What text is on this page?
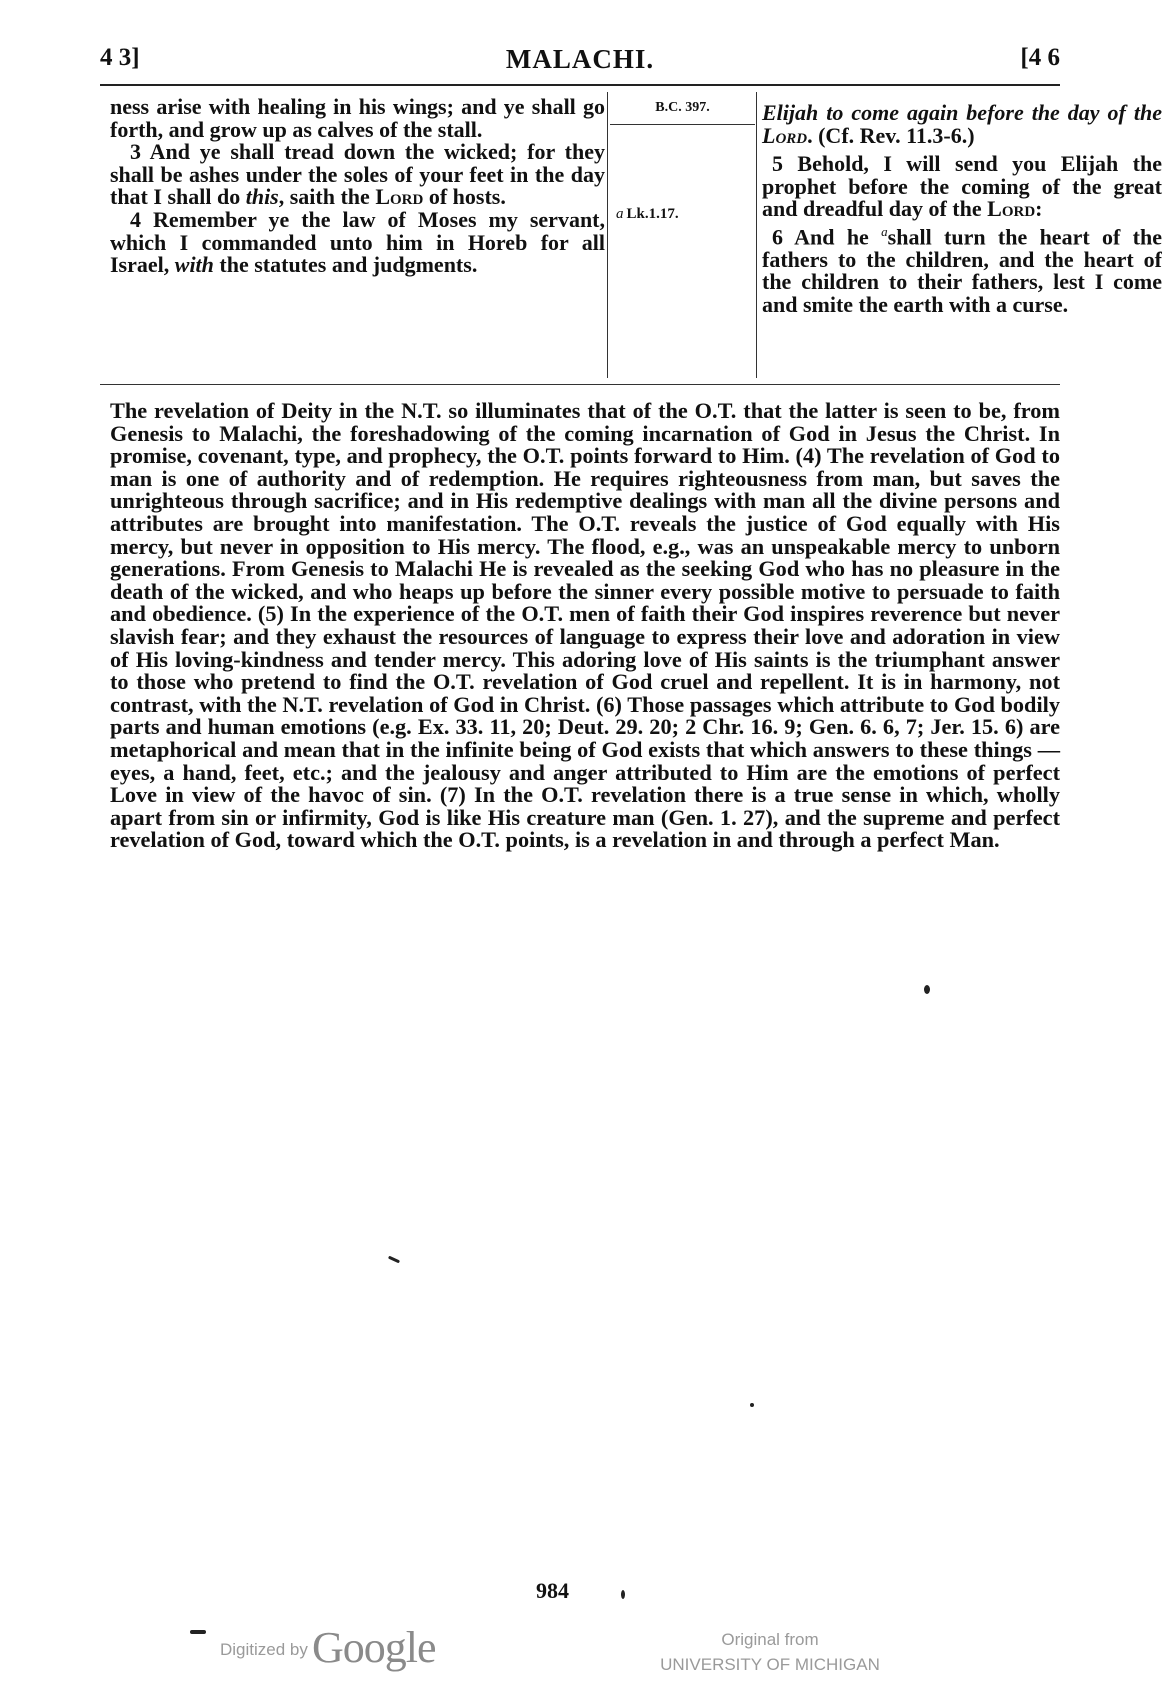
4 3]	MALACHI.	[4 6

ness arise with healing in his wings; and ye shall go forth, and grow up as calves of the stall.

3 And ye shall tread down the wicked; for they shall be ashes under the soles of your feet in the day that I shall do this, saith the Lord of hosts.

4 Remember ye the law of Moses my servant, which I commanded unto him in Horeb for all Israel, with the statutes and judgments.

B.C. 397.
a Lk.1.17.

Elijah to come again before the day of the Lord. (Cf. Rev. 11.3-6.)

5 Behold, I will send you Elijah the prophet before the coming of the great and dreadful day of the Lord:

6 And he $^a$shall turn the heart of the fathers to the children, and the heart of the children to their fathers, lest I come and smite the earth with a curse.

The revelation of Deity in the N.T. so illuminates that of the O.T. that the latter is seen to be, from Genesis to Malachi, the foreshadowing of the coming incarnation of God in Jesus the Christ. In promise, covenant, type, and prophecy, the O.T. points forward to Him. (4) The revelation of God to man is one of authority and of redemption. He requires righteousness from man, but saves the unrighteous through sacrifice; and in His redemptive dealings with man all the divine persons and attributes are brought into manifestation. The O.T. reveals the justice of God equally with His mercy, but never in opposition to His mercy. The flood, e.g., was an unspeakable mercy to unborn generations. From Genesis to Malachi He is revealed as the seeking God who has no pleasure in the death of the wicked, and who heaps up before the sinner every possible motive to persuade to faith and obedience. (5) In the experience of the O.T. men of faith their God inspires reverence but never slavish fear; and they exhaust the resources of language to express their love and adoration in view of His loving-kindness and tender mercy. This adoring love of His saints is the triumphant answer to those who pretend to find the O.T. revelation of God cruel and repellent. It is in harmony, not contrast, with the N.T. revelation of God in Christ. (6) Those passages which attribute to God bodily parts and human emotions (e.g. Ex. 33. 11, 20; Deut. 29. 20; 2 Chr. 16. 9; Gen. 6. 6, 7; Jer. 15. 6) are metaphorical and mean that in the infinite being of God exists that which answers to these things —eyes, a hand, feet, etc.; and the jealousy and anger attributed to Him are the emotions of perfect Love in view of the havoc of sin. (7) In the O.T. revelation there is a true sense in which, wholly apart from sin or infirmity, God is like His creature man (Gen. 1. 27), and the supreme and perfect revelation of God, toward which the O.T. points, is a revelation in and through a perfect Man.

984
Digitized by Google	Original from
UNIVERSITY OF MICHIGAN
